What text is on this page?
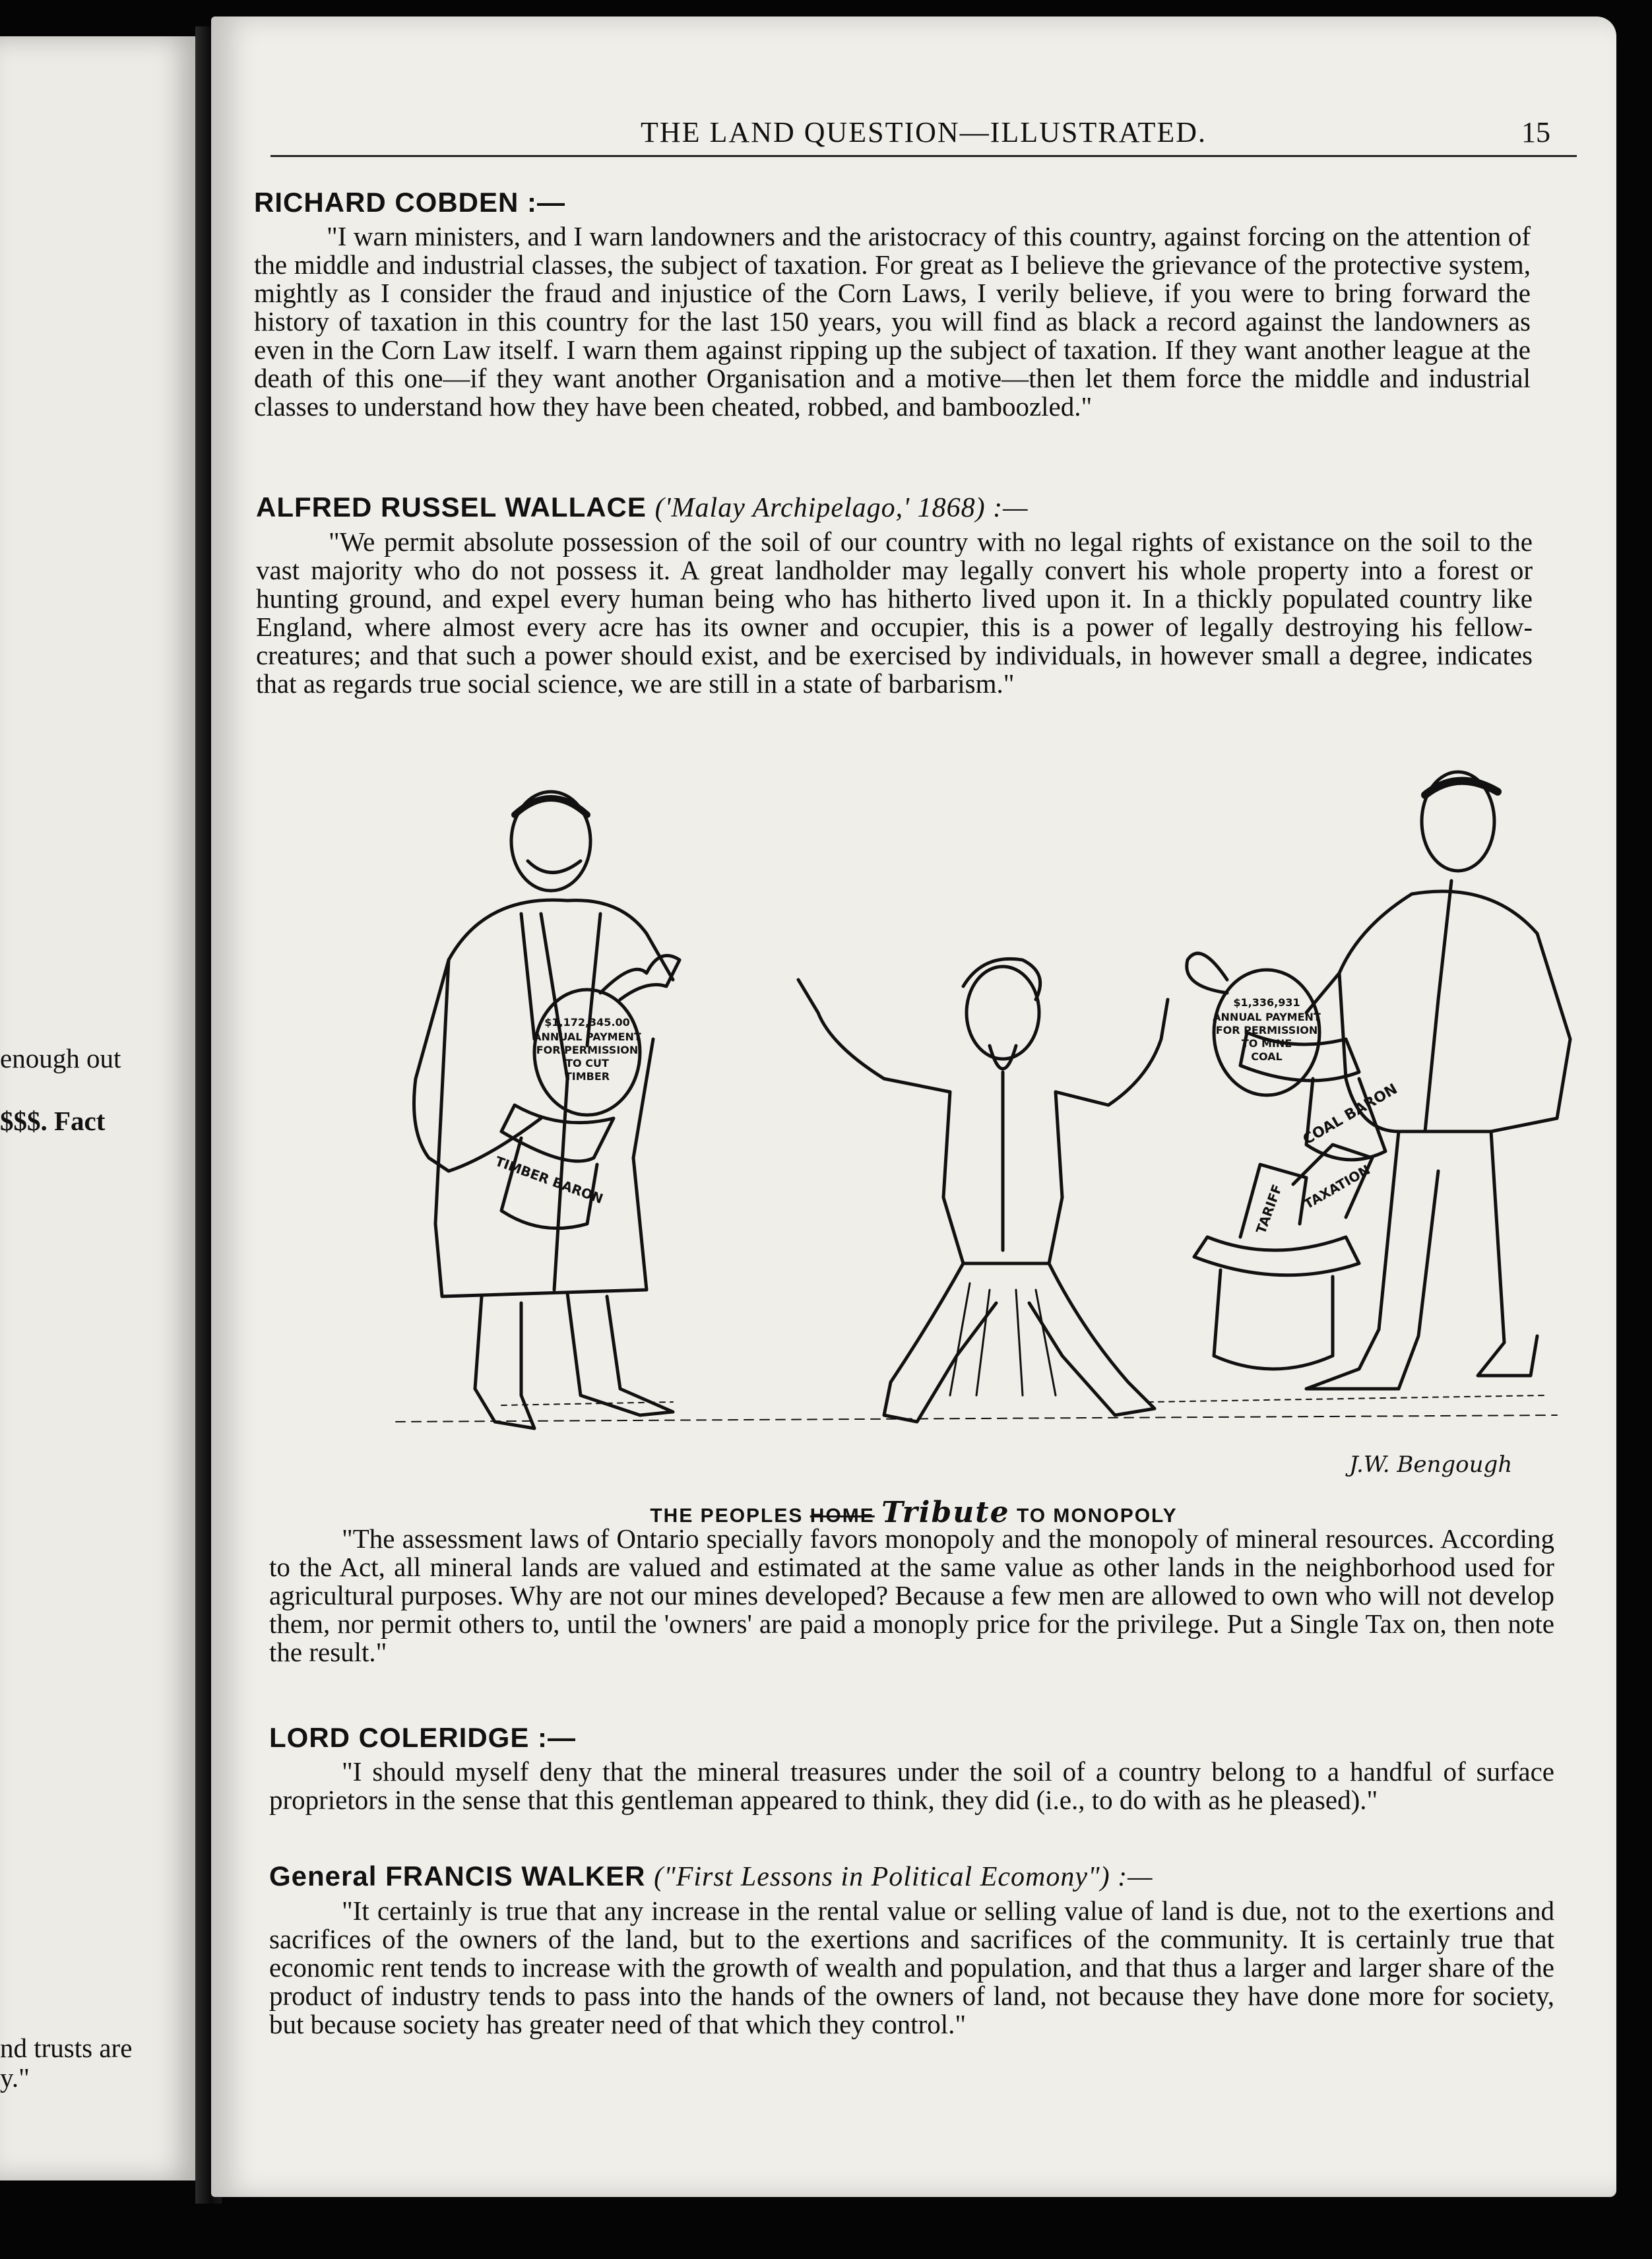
enough out
$$$. Fact
nd trusts are
y."
THE LAND QUESTION—ILLUSTRATED.	15
RICHARD COBDEN :—
"I warn ministers, and I warn landowners and the aristocracy of this country, against forcing on the attention of the middle and industrial classes, the subject of taxation. For great as I believe the grievance of the protective system, mightly as I consider the fraud and injustice of the Corn Laws, I verily believe, if you were to bring forward the history of taxation in this country for the last 150 years, you will find as black a record against the landowners as even in the Corn Law itself. I warn them against ripping up the subject of taxation. If they want another league at the death of this one—if they want another Organisation and a motive—then let them force the middle and industrial classes to understand how they have been cheated, robbed, and bamboozled."
ALFRED RUSSEL WALLACE ('Malay Archipelago,' 1868) :—
"We permit absolute possession of the soil of our country with no legal rights of existance on the soil to the vast majority who do not possess it. A great landholder may legally convert his whole property into a forest or hunting ground, and expel every human being who has hitherto lived upon it. In a thickly populated country like England, where almost every acre has its owner and occupier, this is a power of legally destroying his fellow-creatures; and that such a power should exist, and be exercised by individuals, in however small a degree, indicates that as regards true social science, we are still in a state of barbarism."
$1,172,345.00
ANNUAL PAYMENT
FOR PERMISSION
TO CUT
TIMBER
TIMBER BARON
$1,336,931
ANNUAL PAYMENT
FOR PERMISSION
TO MINE
COAL
COAL BARON
TARIFF TAXATION
J.W. Bengough
THE PEOPLES HOME Tribute TO MONOPOLY
"The assessment laws of Ontario specially favors monopoly and the monopoly of mineral resources. According to the Act, all mineral lands are valued and estimated at the same value as other lands in the neighborhood used for agricultural purposes. Why are not our mines developed? Because a few men are allowed to own who will not develop them, nor permit others to, until the 'owners' are paid a monoply price for the privilege. Put a Single Tax on, then note the result."
LORD COLERIDGE :—
"I should myself deny that the mineral treasures under the soil of a country belong to a handful of surface proprietors in the sense that this gentleman appeared to think, they did (i.e., to do with as he pleased)."
General FRANCIS WALKER ("First Lessons in Political Ecomony") :—
"It certainly is true that any increase in the rental value or selling value of land is due, not to the exertions and sacrifices of the owners of the land, but to the exertions and sacrifices of the community. It is certainly true that economic rent tends to increase with the growth of wealth and population, and that thus a larger and larger share of the product of industry tends to pass into the hands of the owners of land, not because they have done more for society, but because society has greater need of that which they control."
